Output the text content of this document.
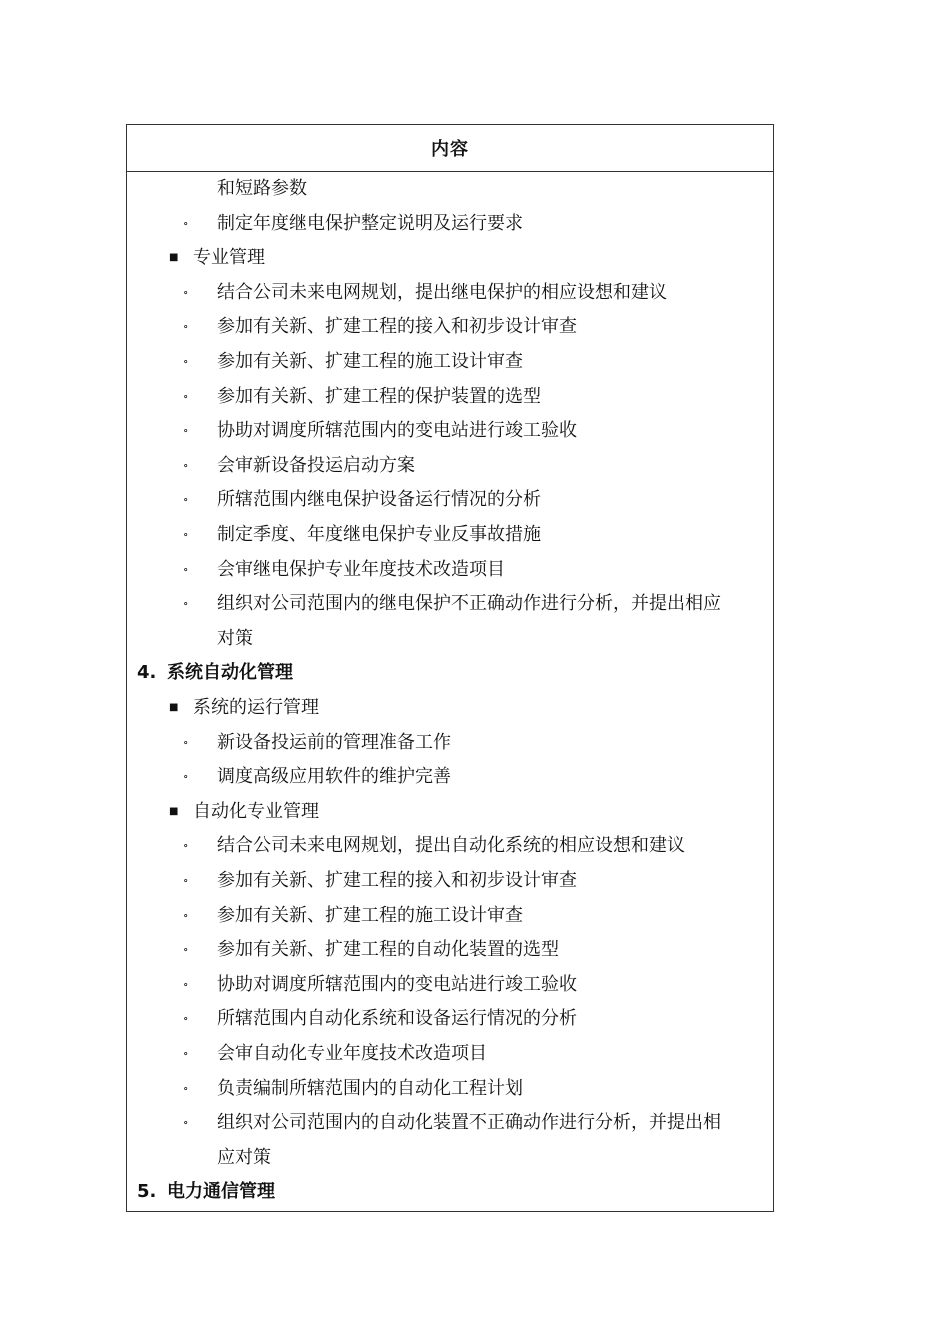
内容
和短路参数
∘ 制定年度继电保护整定说明及运行要求
■ 专业管理
∘ 结合公司未来电网规划，提出继电保护的相应设想和建议
∘ 参加有关新、扩建工程的接入和初步设计审查
∘ 参加有关新、扩建工程的施工设计审查
∘ 参加有关新、扩建工程的保护装置的选型
∘ 协助对调度所辖范围内的变电站进行竣工验收
∘ 会审新设备投运启动方案
∘ 所辖范围内继电保护设备运行情况的分析
∘ 制定季度、年度继电保护专业反事故措施
∘ 会审继电保护专业年度技术改造项目
∘ 组织对公司范围内的继电保护不正确动作进行分析，并提出相应
对策
4. 系统自动化管理
■ 系统的运行管理
∘ 新设备投运前的管理准备工作
∘ 调度高级应用软件的维护完善
■ 自动化专业管理
∘ 结合公司未来电网规划，提出自动化系统的相应设想和建议
∘ 参加有关新、扩建工程的接入和初步设计审查
∘ 参加有关新、扩建工程的施工设计审查
∘ 参加有关新、扩建工程的自动化装置的选型
∘ 协助对调度所辖范围内的变电站进行竣工验收
∘ 所辖范围内自动化系统和设备运行情况的分析
∘ 会审自动化专业年度技术改造项目
∘ 负责编制所辖范围内的自动化工程计划
∘ 组织对公司范围内的自动化装置不正确动作进行分析，并提出相
应对策
5. 电力通信管理
